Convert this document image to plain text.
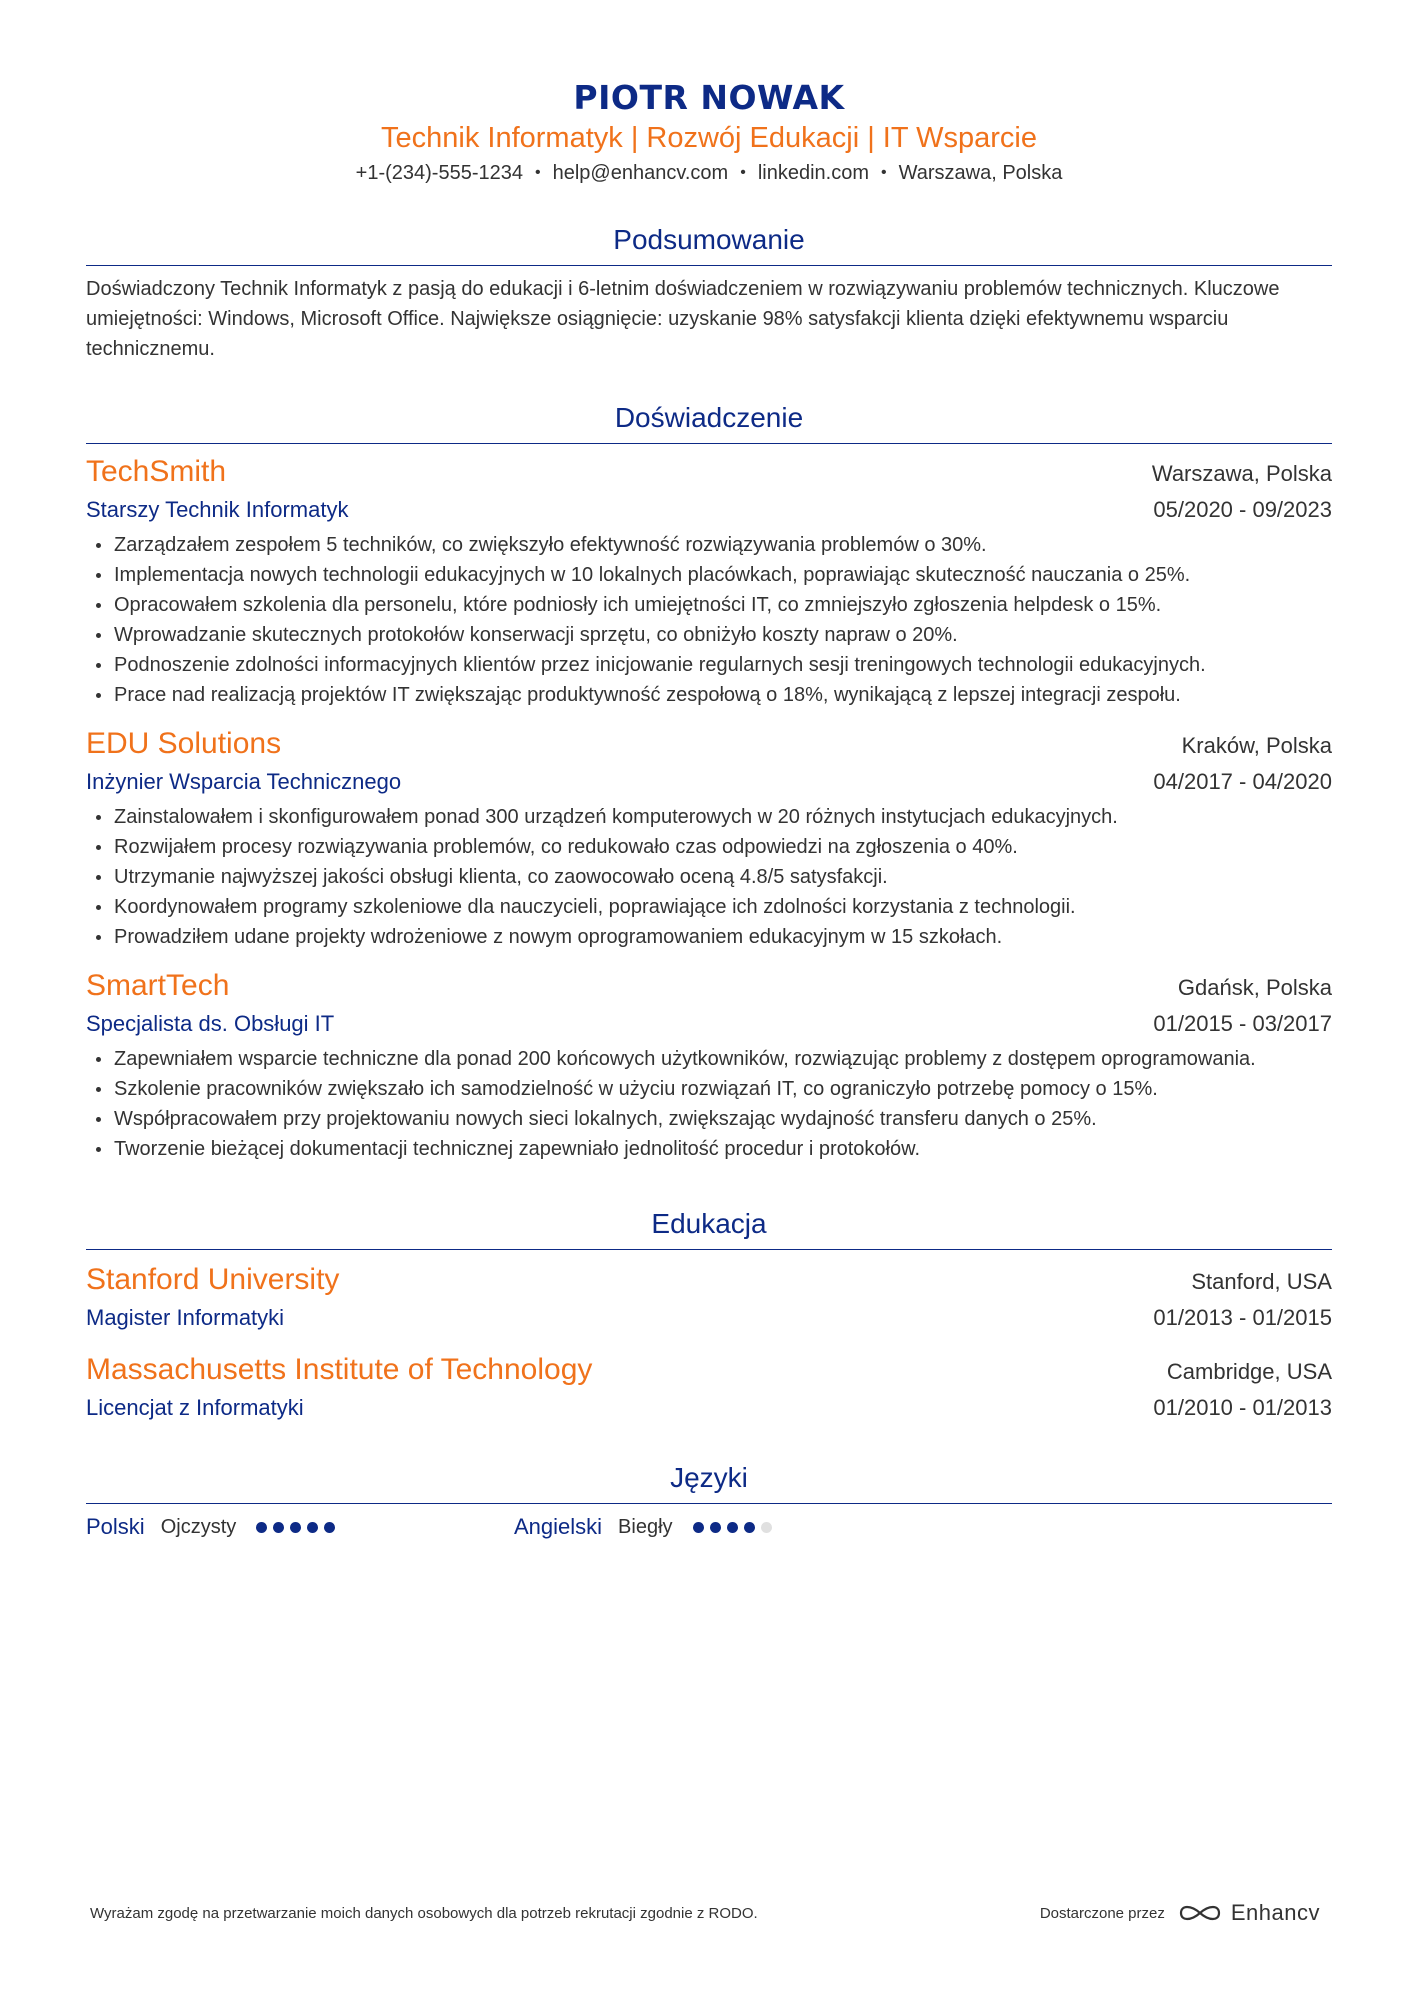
PIOTR NOWAK
Technik Informatyk | Rozwój Edukacji | IT Wsparcie
+1-(234)-555-1234 • help@enhancv.com • linkedin.com • Warszawa, Polska
Podsumowanie
Doświadczony Technik Informatyk z pasją do edukacji i 6-letnim doświadczeniem w rozwiązywaniu problemów technicznych. Kluczowe umiejętności: Windows, Microsoft Office. Największe osiągnięcie: uzyskanie 98% satysfakcji klienta dzięki efektywnemu wsparciu technicznemu.
Doświadczenie
TechSmith	Warszawa, Polska
Starszy Technik Informatyk	05/2020 - 09/2023
Zarządzałem zespołem 5 techników, co zwiększyło efektywność rozwiązywania problemów o 30%.
Implementacja nowych technologii edukacyjnych w 10 lokalnych placówkach, poprawiając skuteczność nauczania o 25%.
Opracowałem szkolenia dla personelu, które podniosły ich umiejętności IT, co zmniejszyło zgłoszenia helpdesk o 15%.
Wprowadzanie skutecznych protokołów konserwacji sprzętu, co obniżyło koszty napraw o 20%.
Podnoszenie zdolności informacyjnych klientów przez inicjowanie regularnych sesji treningowych technologii edukacyjnych.
Prace nad realizacją projektów IT zwiększając produktywność zespołową o 18%, wynikającą z lepszej integracji zespołu.
EDU Solutions	Kraków, Polska
Inżynier Wsparcia Technicznego	04/2017 - 04/2020
Zainstalowałem i skonfigurowałem ponad 300 urządzeń komputerowych w 20 różnych instytucjach edukacyjnych.
Rozwijałem procesy rozwiązywania problemów, co redukowało czas odpowiedzi na zgłoszenia o 40%.
Utrzymanie najwyższej jakości obsługi klienta, co zaowocowało oceną 4.8/5 satysfakcji.
Koordynowałem programy szkoleniowe dla nauczycieli, poprawiające ich zdolności korzystania z technologii.
Prowadziłem udane projekty wdrożeniowe z nowym oprogramowaniem edukacyjnym w 15 szkołach.
SmartTech	Gdańsk, Polska
Specjalista ds. Obsługi IT	01/2015 - 03/2017
Zapewniałem wsparcie techniczne dla ponad 200 końcowych użytkowników, rozwiązując problemy z dostępem oprogramowania.
Szkolenie pracowników zwiększało ich samodzielność w użyciu rozwiązań IT, co ograniczyło potrzebę pomocy o 15%.
Współpracowałem przy projektowaniu nowych sieci lokalnych, zwiększając wydajność transferu danych o 25%.
Tworzenie bieżącej dokumentacji technicznej zapewniało jednolitość procedur i protokołów.
Edukacja
Stanford University	Stanford, USA
Magister Informatyki	01/2013 - 01/2015
Massachusetts Institute of Technology	Cambridge, USA
Licencjat z Informatyki	01/2010 - 01/2013
Języki
Polski Ojczysty	Angielski Biegły
Wyrażam zgodę na przetwarzanie moich danych osobowych dla potrzeb rekrutacji zgodnie z RODO.	Dostarczone przez	Enhancv
